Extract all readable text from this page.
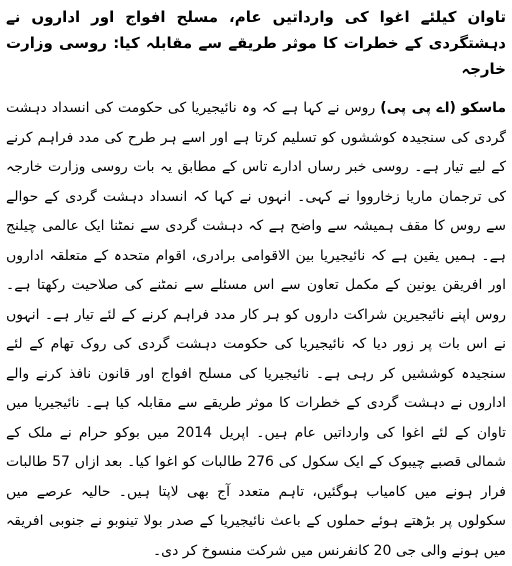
تاوان کیلئے اغوا کی وارداتیں عام، مسلح افواج اور اداروں نے دہشتگردی کے خطرات کا موثر طریقے سے مقابلہ کیا: روسی وزارت خارجہ

ماسکو (اے پی پی) روس نے کہا ہے کہ وہ نائیجیریا کی حکومت کی انسداد دہشت گردی کی سنجیدہ کوششوں کو تسلیم کرتا ہے اور اسے ہر طرح کی مدد فراہم کرنے کے لیے تیار ہے۔ روسی خبر رساں ادارے تاس کے مطابق یہ بات روسی وزارت خارجہ کی ترجمان ماریا زخارووا نے کہی۔ انہوں نے کہا کہ انسداد دہشت گردی کے حوالے سے روس کا مقف ہمیشہ سے واضح ہے کہ دہشت گردی سے نمٹنا ایک عالمی چیلنج ہے۔ ہمیں یقین ہے کہ نائیجیریا بین الاقوامی برادری، اقوام متحدہ کے متعلقہ اداروں اور افریقن یونین کے مکمل تعاون سے اس مسئلے سے نمٹنے کی صلاحیت رکھتا ہے۔ روس اپنے نائیجیرین شراکت داروں کو ہر کار مدد فراہم کرنے کے لئے تیار ہے۔ انہوں نے اس بات پر زور دیا کہ نائیجیریا کی حکومت دہشت گردی کی روک تھام کے لئے سنجیدہ کوششیں کر رہی ہے۔ نائیجیریا کی مسلح افواج اور قانون نافذ کرنے والے اداروں نے دہشت گردی کے خطرات کا موثر طریقے سے مقابلہ کیا ہے۔ نائیجیریا میں تاوان کے لئے اغوا کی وارداتیں عام ہیں۔ اپریل 2014 میں بوکو حرام نے ملک کے شمالی قصبے چیبوک کے ایک سکول کی 276 طالبات کو اغوا کیا۔ بعد ازاں 57 طالبات فرار ہونے میں کامیاب ہوگئیں، تاہم متعدد آج بھی لاپتا ہیں۔ حالیہ عرصے میں سکولوں پر بڑھتے ہوئے حملوں کے باعث نائیجیریا کے صدر بولا تینوبو نے جنوبی افریقہ میں ہونے والی جی 20 کانفرنس میں شرکت منسوخ کر دی۔
